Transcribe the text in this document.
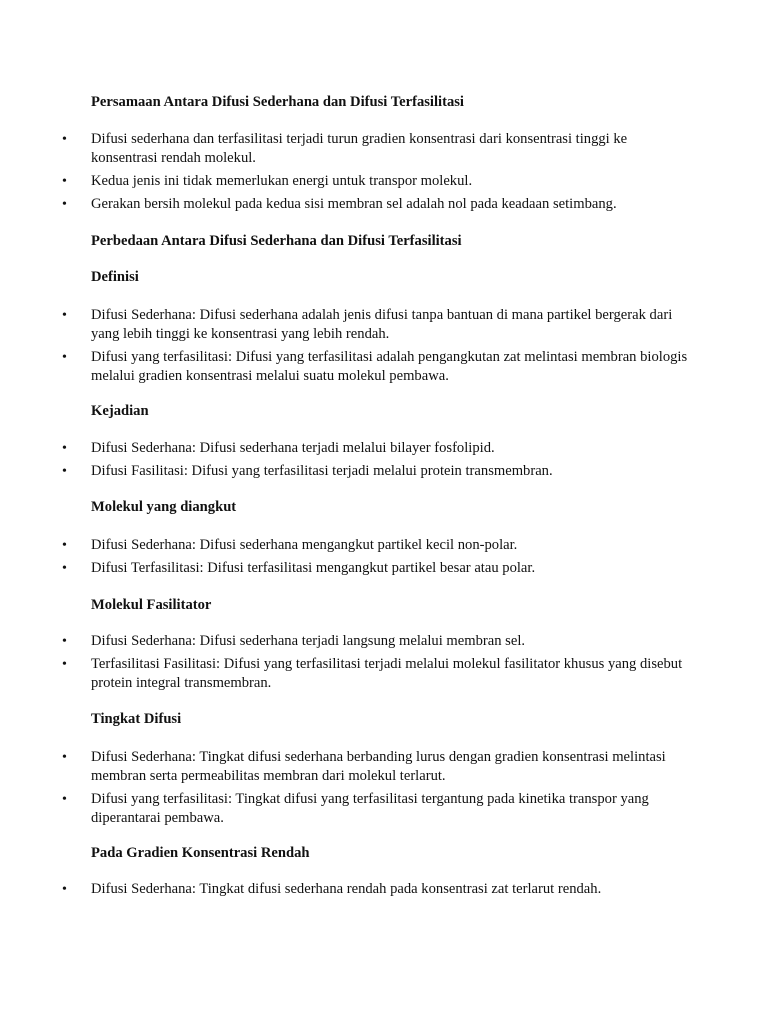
Persamaan Antara Difusi Sederhana dan Difusi Terfasilitasi
•
Difusi sederhana dan terfasilitasi terjadi turun gradien konsentrasi dari konsentrasi tinggi ke konsentrasi rendah molekul.
•
Kedua jenis ini tidak memerlukan energi untuk transpor molekul.
•
Gerakan bersih molekul pada kedua sisi membran sel adalah nol pada keadaan setimbang.
Perbedaan Antara Difusi Sederhana dan Difusi Terfasilitasi
Definisi
•
Difusi Sederhana: Difusi sederhana adalah jenis difusi tanpa bantuan di mana partikel bergerak dari yang lebih tinggi ke konsentrasi yang lebih rendah.
•
Difusi yang terfasilitasi: Difusi yang terfasilitasi adalah pengangkutan zat melintasi membran biologis melalui gradien konsentrasi melalui suatu molekul pembawa.
Kejadian
•
Difusi Sederhana: Difusi sederhana terjadi melalui bilayer fosfolipid.
•
Difusi Fasilitasi: Difusi yang terfasilitasi terjadi melalui protein transmembran.
Molekul yang diangkut
•
Difusi Sederhana: Difusi sederhana mengangkut partikel kecil non-polar.
•
Difusi Terfasilitasi: Difusi terfasilitasi mengangkut partikel besar atau polar.
Molekul Fasilitator
•
Difusi Sederhana: Difusi sederhana terjadi langsung melalui membran sel.
•
Terfasilitasi Fasilitasi: Difusi yang terfasilitasi terjadi melalui molekul fasilitator khusus yang disebut protein integral transmembran.
Tingkat Difusi
•
Difusi Sederhana: Tingkat difusi sederhana berbanding lurus dengan gradien konsentrasi melintasi membran serta permeabilitas membran dari molekul terlarut.
•
Difusi yang terfasilitasi: Tingkat difusi yang terfasilitasi tergantung pada kinetika transpor yang diperantarai pembawa.
Pada Gradien Konsentrasi Rendah
•
Difusi Sederhana: Tingkat difusi sederhana rendah pada konsentrasi zat terlarut rendah.
